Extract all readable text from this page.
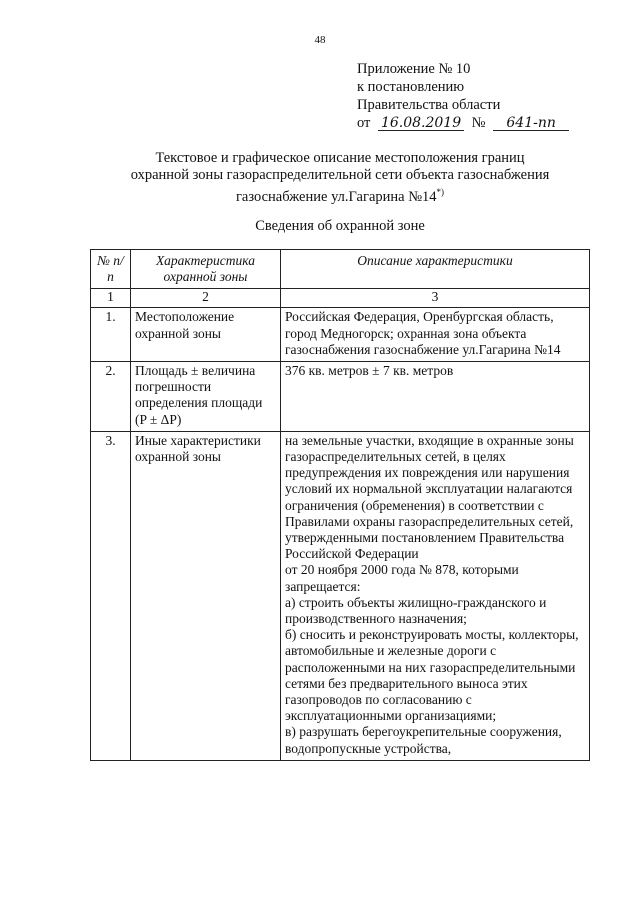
48
Приложение № 10
к постановлению
Правительства области
от 16.08.2019 № 641-пп
Текстовое и графическое описание местоположения границ
охранной зоны газораспределительной сети объекта газоснабжения
газоснабжение ул.Гагарина №14*)
Сведения об охранной зоне
№ п/п	Характеристика охранной зоны	Описание характеристики
1	2	3
1.	Местоположение охранной зоны	Российская Федерация, Оренбургская область, город Медногорск; охранная зона объекта газоснабжения газоснабжение ул.Гагарина №14
2.	Площадь ± величина погрешности определения площади (P ± ΔP)	376 кв. метров ± 7 кв. метров
3.	Иные характеристики охранной зоны	на земельные участки, входящие в охранные зоны газораспределительных сетей, в целях предупреждения их повреждения или нарушения условий их нормальной эксплуатации налагаются ограничения (обременения) в соответствии с Правилами охраны газораспределительных сетей, утвержденными постановлением Правительства Российской Федерации
от 20 ноября 2000 года № 878, которыми запрещается:
а) строить объекты жилищно-гражданского и производственного назначения;
б) сносить и реконструировать мосты, коллекторы, автомобильные и железные дороги с расположенными на них газораспределительными сетями без предварительного выноса этих газопроводов по согласованию с эксплуатационными организациями;
в) разрушать берегоукрепительные сооружения, водопропускные устройства,
